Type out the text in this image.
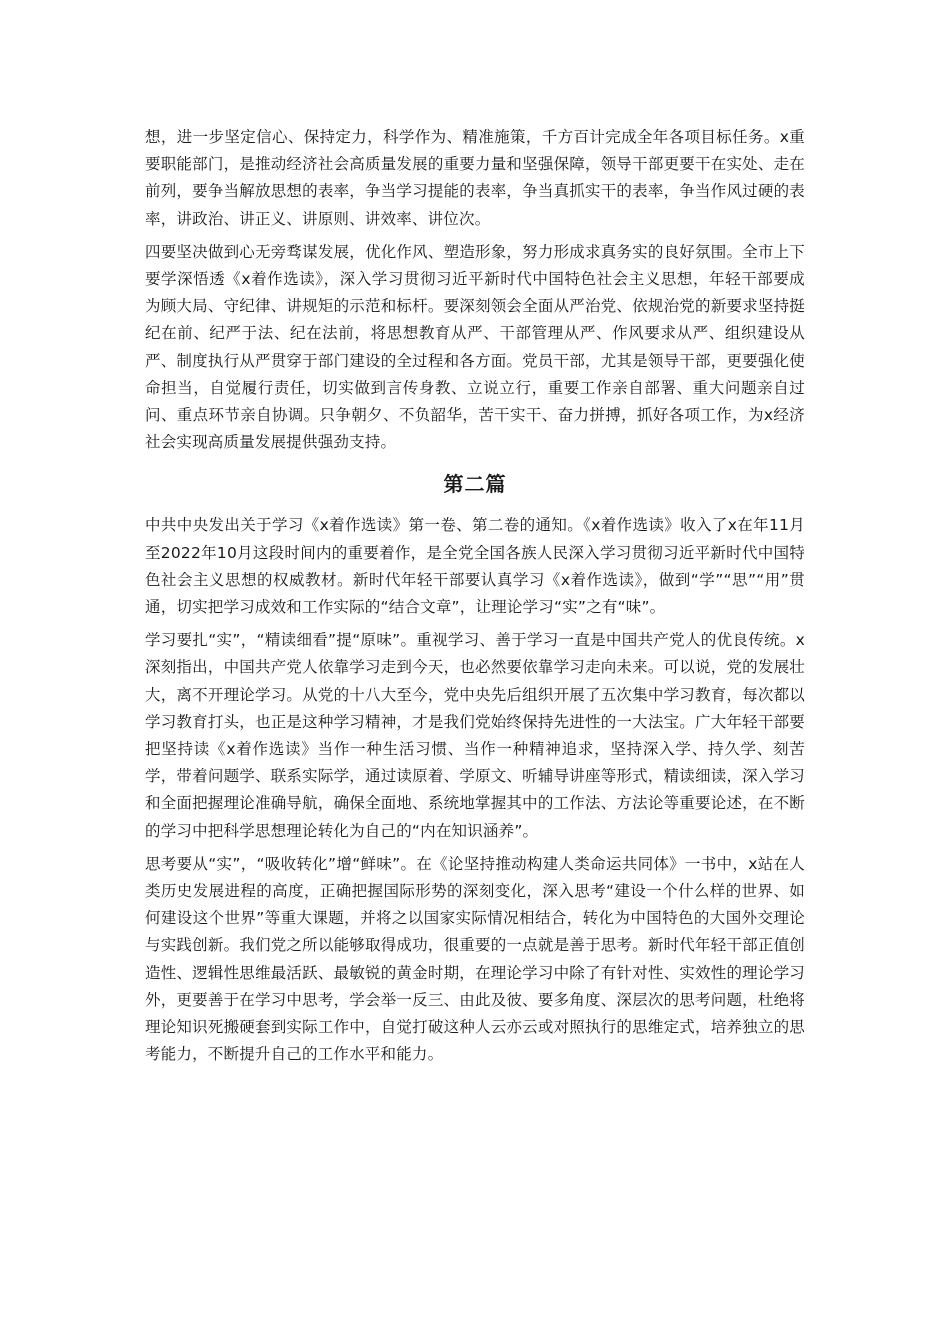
想，进一步坚定信心、保持定力，科学作为、精准施策，千方百计完成全年各项目标任务。x重要职能部门，是推动经济社会高质量发展的重要力量和坚强保障，领导干部更要干在实处、走在前列，要争当解放思想的表率，争当学习提能的表率，争当真抓实干的表率，争当作风过硬的表率，讲政治、讲正义、讲原则、讲效率、讲位次。

四要坚决做到心无旁骛谋发展，优化作风、塑造形象，努力形成求真务实的良好氛围。全市上下要学深悟透《x着作选读》，深入学习贯彻习近平新时代中国特色社会主义思想，年轻干部要成为顾大局、守纪律、讲规矩的示范和标杆。要深刻领会全面从严治党、依规治党的新要求坚持挺纪在前、纪严于法、纪在法前，将思想教育从严、干部管理从严、作风要求从严、组织建设从严、制度执行从严贯穿于部门建设的全过程和各方面。党员干部，尤其是领导干部，更要强化使命担当，自觉履行责任，切实做到言传身教、立说立行，重要工作亲自部署、重大问题亲自过问、重点环节亲自协调。只争朝夕、不负韶华，苦干实干、奋力拼搏，抓好各项工作，为x经济社会实现高质量发展提供强劲支持。

第二篇

中共中央发出关于学习《x着作选读》第一卷、第二卷的通知。《x着作选读》收入了x在年11月至2022年10月这段时间内的重要着作，是全党全国各族人民深入学习贯彻习近平新时代中国特色社会主义思想的权威教材。新时代年轻干部要认真学习《x着作选读》，做到“学”“思”“用”贯通，切实把学习成效和工作实际的“结合文章”，让理论学习“实”之有“味”。

学习要扎“实”，“精读细看”提“原味”。重视学习、善于学习一直是中国共产党人的优良传统。x深刻指出，中国共产党人依靠学习走到今天，也必然要依靠学习走向未来。可以说，党的发展壮大，离不开理论学习。从党的十八大至今，党中央先后组织开展了五次集中学习教育，每次都以学习教育打头，也正是这种学习精神，才是我们党始终保持先进性的一大法宝。广大年轻干部要把坚持读《x着作选读》当作一种生活习惯、当作一种精神追求，坚持深入学、持久学、刻苦学，带着问题学、联系实际学，通过读原着、学原文、听辅导讲座等形式，精读细读，深入学习和全面把握理论准确导航，确保全面地、系统地掌握其中的工作法、方法论等重要论述，在不断的学习中把科学思想理论转化为自己的“内在知识涵养”。

思考要从“实”，“吸收转化”增“鲜味”。在《论坚持推动构建人类命运共同体》一书中，x站在人类历史发展进程的高度，正确把握国际形势的深刻变化，深入思考“建设一个什么样的世界、如何建设这个世界”等重大课题，并将之以国家实际情况相结合，转化为中国特色的大国外交理论与实践创新。我们党之所以能够取得成功，很重要的一点就是善于思考。新时代年轻干部正值创造性、逻辑性思维最活跃、最敏锐的黄金时期，在理论学习中除了有针对性、实效性的理论学习外，更要善于在学习中思考，学会举一反三、由此及彼、要多角度、深层次的思考问题，杜绝将理论知识死搬硬套到实际工作中，自觉打破这种人云亦云或对照执行的思维定式，培养独立的思考能力，不断提升自己的工作水平和能力。
